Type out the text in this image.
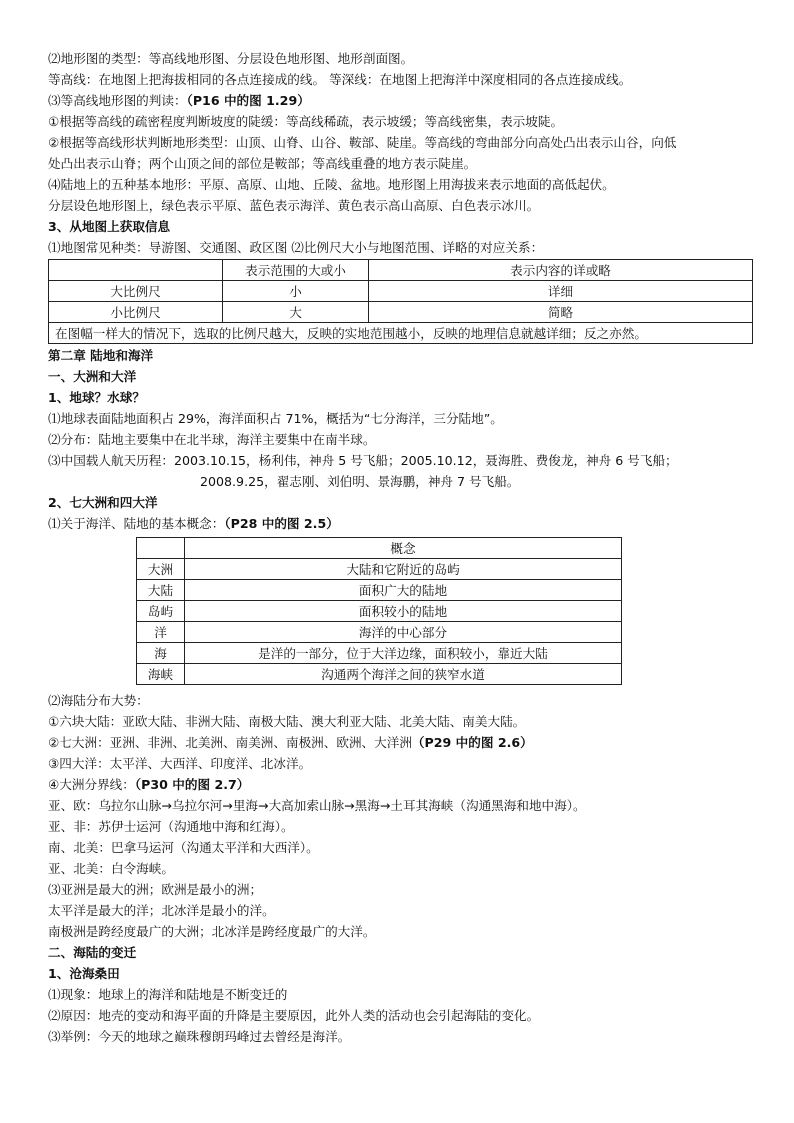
⑵地形图的类型：等高线地形图、分层设色地形图、地形剖面图。
等高线：在地图上把海拔相同的各点连接成的线。 等深线：在地图上把海洋中深度相同的各点连接成线。
⑶等高线地形图的判读：（P16 中的图 1.29）
①根据等高线的疏密程度判断坡度的陡缓：等高线稀疏，表示坡缓；等高线密集，表示坡陡。
②根据等高线形状判断地形类型：山顶、山脊、山谷、鞍部、陡崖。等高线的弯曲部分向高处凸出表示山谷，向低
处凸出表示山脊；两个山顶之间的部位是鞍部；等高线重叠的地方表示陡崖。
⑷陆地上的五种基本地形：平原、高原、山地、丘陵、盆地。地形图上用海拔来表示地面的高低起伏。
分层设色地形图上，绿色表示平原、蓝色表示海洋、黄色表示高山高原、白色表示冰川。
3、从地图上获取信息
⑴地图常见种类：导游图、交通图、政区图 ⑵比例尺大小与地图范围、详略的对应关系：
	表示范围的大或小	表示内容的详或略
大比例尺	小	详细
小比例尺	大	简略
在图幅一样大的情况下，选取的比例尺越大，反映的实地范围越小，反映的地理信息就越详细；反之亦然。		
第二章 陆地和海洋
一、大洲和大洋
1、地球？水球？
⑴地球表面陆地面积占 29%，海洋面积占 71%，概括为“七分海洋，三分陆地”。
⑵分布：陆地主要集中在北半球，海洋主要集中在南半球。
⑶中国载人航天历程：2003.10.15，杨利伟，神舟 5 号飞船；2005.10.12，聂海胜、费俊龙，神舟 6 号飞船；
2008.9.25，翟志刚、刘伯明、景海鹏，神舟 7 号飞船。
2、七大洲和四大洋
⑴关于海洋、陆地的基本概念：（P28 中的图 2.5）
	概念
大洲	大陆和它附近的岛屿
大陆	面积广大的陆地
岛屿	面积较小的陆地
洋	海洋的中心部分
海	是洋的一部分，位于大洋边缘，面积较小，靠近大陆
海峡	沟通两个海洋之间的狭窄水道
⑵海陆分布大势：
①六块大陆：亚欧大陆、非洲大陆、南极大陆、澳大利亚大陆、北美大陆、南美大陆。
②七大洲：亚洲、非洲、北美洲、南美洲、南极洲、欧洲、大洋洲（P29 中的图 2.6）
③四大洋：太平洋、大西洋、印度洋、北冰洋。
④大洲分界线：（P30 中的图 2.7）
亚、欧：乌拉尔山脉→乌拉尔河→里海→大高加索山脉→黑海→土耳其海峡（沟通黑海和地中海）。
亚、非：苏伊士运河（沟通地中海和红海）。
南、北美：巴拿马运河（沟通太平洋和大西洋）。
亚、北美：白令海峡。
⑶亚洲是最大的洲；欧洲是最小的洲；
太平洋是最大的洋；北冰洋是最小的洋。
南极洲是跨经度最广的大洲；北冰洋是跨经度最广的大洋。
二、海陆的变迁
1、沧海桑田
⑴现象：地球上的海洋和陆地是不断变迁的
⑵原因：地壳的变动和海平面的升降是主要原因，此外人类的活动也会引起海陆的变化。
⑶举例：今天的地球之巅珠穆朗玛峰过去曾经是海洋。
